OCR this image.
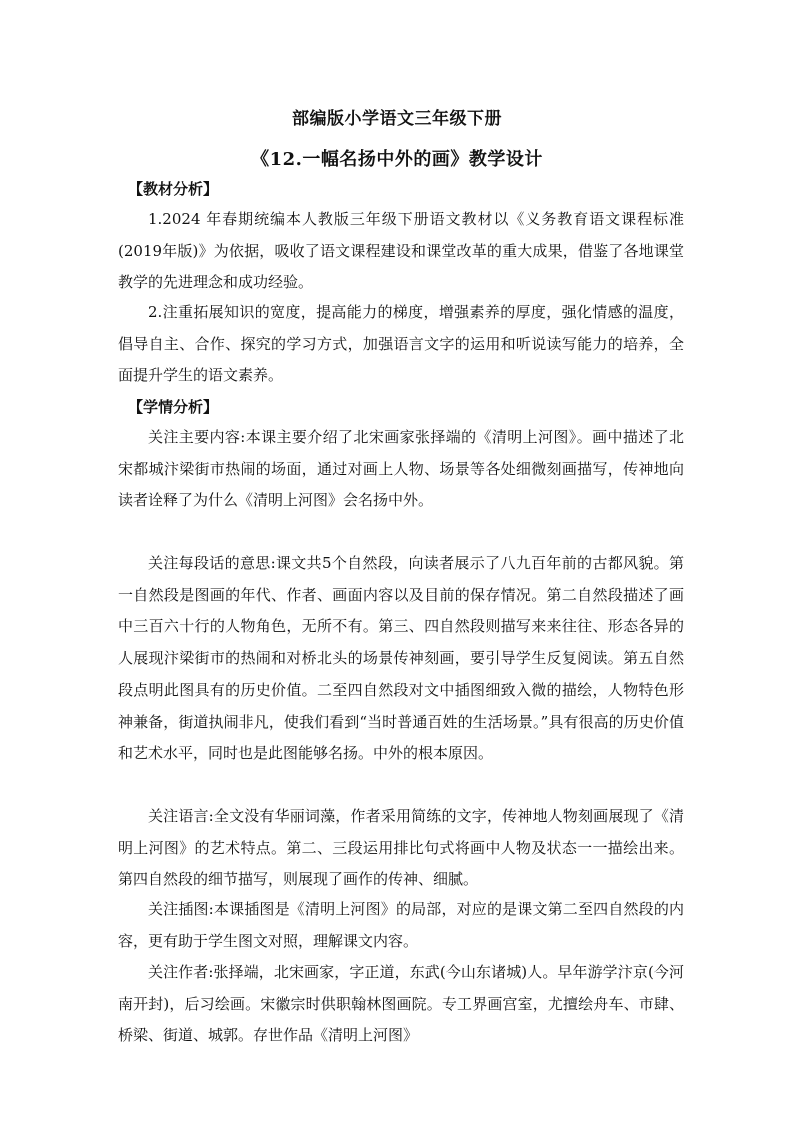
部编版小学语文三年级下册
《12.一幅名扬中外的画》教学设计
【教材分析】

1.2024 年春期统编本人教版三年级下册语文教材以《义务教育语文课程标准(2019年版)》为依据，吸收了语文课程建设和课堂改革的重大成果，借鉴了各地课堂教学的先进理念和成功经验。

2.注重拓展知识的宽度，提高能力的梯度，增强素养的厚度，强化情感的温度，倡导自主、合作、探究的学习方式，加强语言文字的运用和听说读写能力的培养，全面提升学生的语文素养。

【学情分析】

关注主要内容:本课主要介绍了北宋画家张择端的《清明上河图》。画中描述了北宋都城汴梁街市热闹的场面，通过对画上人物、场景等各处细微刻画描写，传神地向读者诠释了为什么《清明上河图》会名扬中外。

关注每段话的意思:课文共5个自然段，向读者展示了八九百年前的古都风貌。第一自然段是图画的年代、作者、画面内容以及目前的保存情况。第二自然段描述了画中三百六十行的人物角色，无所不有。第三、四自然段则描写来来往往、形态各异的人展现汴梁街市的热闹和对桥北头的场景传神刻画，要引导学生反复阅读。第五自然段点明此图具有的历史价值。二至四自然段对文中插图细致入微的描绘，人物特色形神兼备，街道执闹非凡，使我们看到“当时普通百姓的生活场景。”具有很高的历史价值和艺术水平，同时也是此图能够名扬。中外的根本原因。

关注语言:全文没有华丽词藻，作者采用简练的文字，传神地人物刻画展现了《清明上河图》的艺术特点。第二、三段运用排比句式将画中人物及状态一一描绘出来。第四自然段的细节描写，则展现了画作的传神、细腻。

关注插图:本课插图是《清明上河图》的局部，对应的是课文第二至四自然段的内容，更有助于学生图文对照，理解课文内容。

关注作者:张择端，北宋画家，字正道，东武(今山东诸城)人。早年游学汴京(今河南开封)，后习绘画。宋徽宗时供职翰林图画院。专工界画宫室，尤擅绘舟车、市肆、桥梁、街道、城郭。存世作品《清明上河图》
